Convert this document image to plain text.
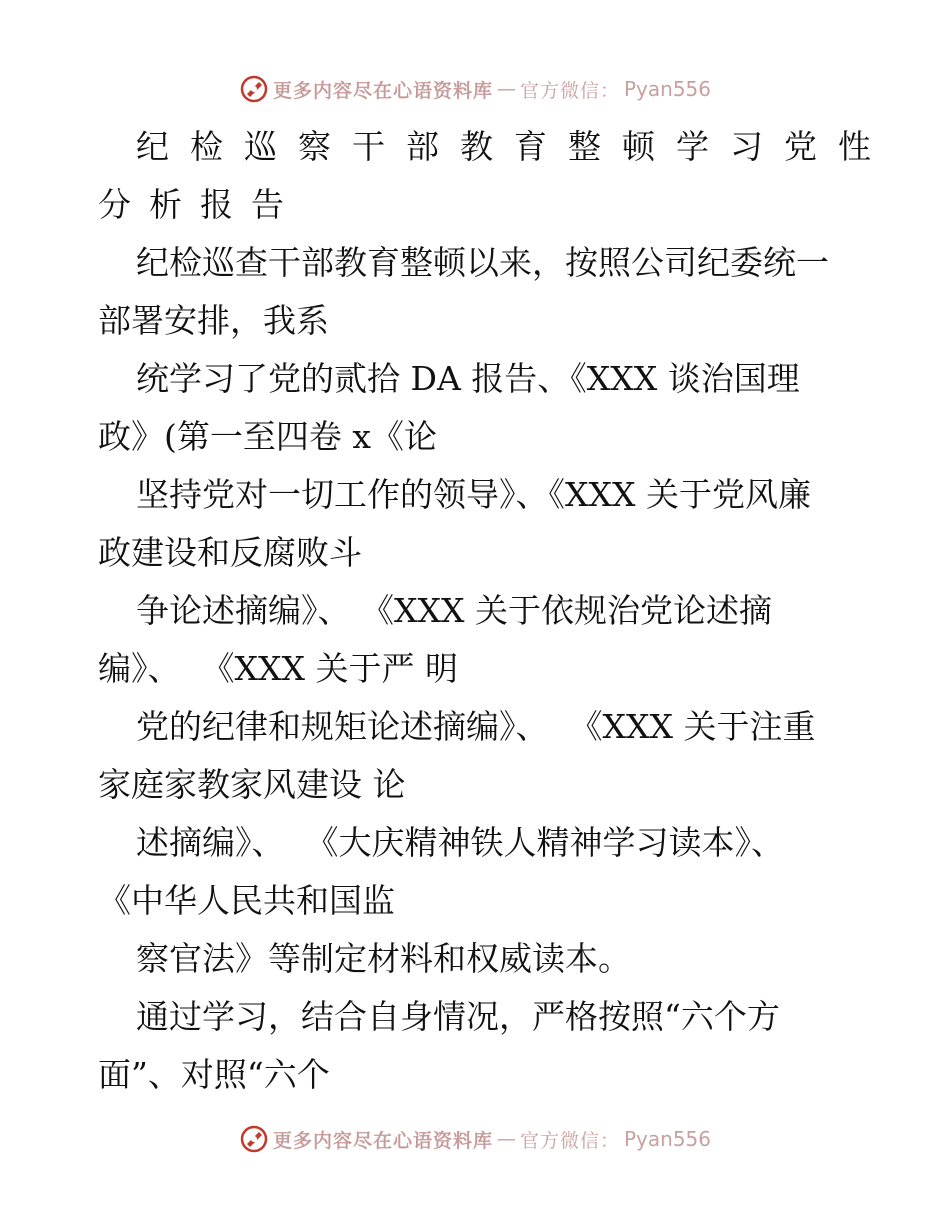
更多内容尽在心语资料库 — 官方微信： Pyan556
纪检巡察干部教育整顿学习党性
分析报告
纪检巡查干部教育整顿以来，按照公司纪委统一
部署安排，我系
统学习了党的贰拾 DA 报告、《XXX 谈治国理
政》(第一至四卷 x《论
坚持党对一切工作的领导》、《XXX 关于党风廉
政建设和反腐败斗
争论述摘编》、 《XXX 关于依规治党论述摘
编》、  《XXX 关于严 明
党的纪律和规矩论述摘编》、  《XXX 关于注重
家庭家教家风建设 论
述摘编》、  《大庆精神铁人精神学习读本》、
《中华人民共和国监
察官法》等制定材料和权威读本。
通过学习，结合自身情况，严格按照“六个方
面”、对照“六个
更多内容尽在心语资料库 — 官方微信： Pyan556
